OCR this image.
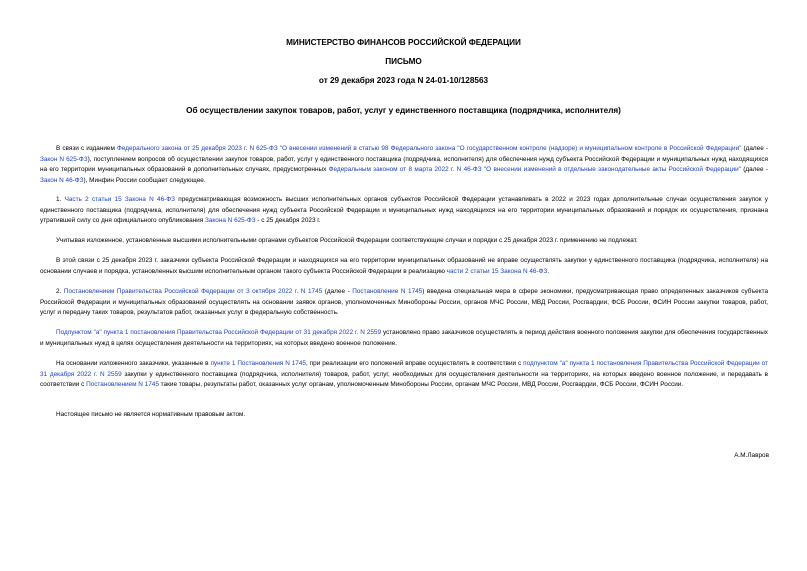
МИНИСТЕРСТВО ФИНАНСОВ РОССИЙСКОЙ ФЕДЕРАЦИИ
ПИСЬМО
от 29 декабря 2023 года N 24-01-10/128563
Об осуществлении закупок товаров, работ, услуг у единственного поставщика (подрядчика, исполнителя)
В связи с изданием Федерального закона от 25 декабря 2023 г. N 625-ФЗ "О внесении изменений в статью 98 Федерального закона "О государственном контроле (надзоре) и муниципальном контроле в Российской Федерации" (далее - Закон N 625-ФЗ), поступлением вопросов об осуществлении закупок товаров, работ, услуг у единственного поставщика (подрядчика, исполнителя) для обеспечения нужд субъекта Российской Федерации и муниципальных нужд находящихся на его территории муниципальных образований в дополнительных случаях, предусмотренных Федеральным законом от 8 марта 2022 г. N 46-ФЗ "О внесении изменений в отдельные законодательные акты Российской Федерации" (далее - Закон N 46-ФЗ), Минфин России сообщает следующее.
1. Часть 2 статьи 15 Закона N 46-ФЗ предусматривающая возможность высших исполнительных органов субъектов Российской Федерации устанавливать в 2022 и 2023 годах дополнительные случаи осуществления закупок у единственного поставщика (подрядчика, исполнителя) для обеспечения нужд субъекта Российской Федерации и муниципальных нужд находящихся на его территории муниципальных образований и порядок их осуществления, признана утратившей силу со дня официального опубликования Закона N 625-ФЗ - с 25 декабря 2023 г.
Учитывая изложенное, установленные высшими исполнительными органами субъектов Российской Федерации соответствующие случаи и порядки с 25 декабря 2023 г. применению не подлежат.
В этой связи с 25 декабря 2023 г. заказчики субъекта Российской Федерации и находящихся на его территории муниципальных образований не вправе осуществлять закупки у единственного поставщика (подрядчика, исполнителя) на основании случаев и порядка, установленных высшим исполнительным органом такого субъекта Российской Федерации в реализацию части 2 статьи 15 Закона N 46-ФЗ.
2. Постановлением Правительства Российской Федерации от 3 октября 2022 г. N 1745 (далее - Постановление N 1745) введена специальная мера в сфере экономики, предусматривающая право определенных заказчиков субъекта Российской Федерации и муниципальных образований осуществлять на основании заявок органов, уполномоченных Минобороны России, органов МЧС России, МВД России, Росгвардии, ФСБ России, ФСИН России закупки товаров, работ, услуг и передачу таких товаров, результатов работ, оказанных услуг в федеральную собственность.
Подпунктом "а" пункта 1 постановления Правительства Российской Федерации от 31 декабря 2022 г. N 2559 установлено право заказчиков осуществлять в период действия военного положения закупки для обеспечения государственных и муниципальных нужд в целях осуществления деятельности на территориях, на которых введено военное положение.
На основании изложенного заказчики, указанные в пункте 1 Постановления N 1745, при реализации его положений вправе осуществлять в соответствии с подпунктом "а" пункта 1 постановления Правительства Российской Федерации от 31 декабря 2022 г. N 2559 закупки у единственного поставщика (подрядчика, исполнителя) товаров, работ, услуг, необходимых для осуществления деятельности на территориях, на которых введено военное положение, и передавать в соответствии с Постановлением N 1745 такие товары, результаты работ, оказанных услуг органам, уполномоченным Минобороны России, органам МЧС России, МВД России, Росгвардии, ФСБ России, ФСИН России.
Настоящее письмо не является нормативным правовым актом.
А.М.Лавров
